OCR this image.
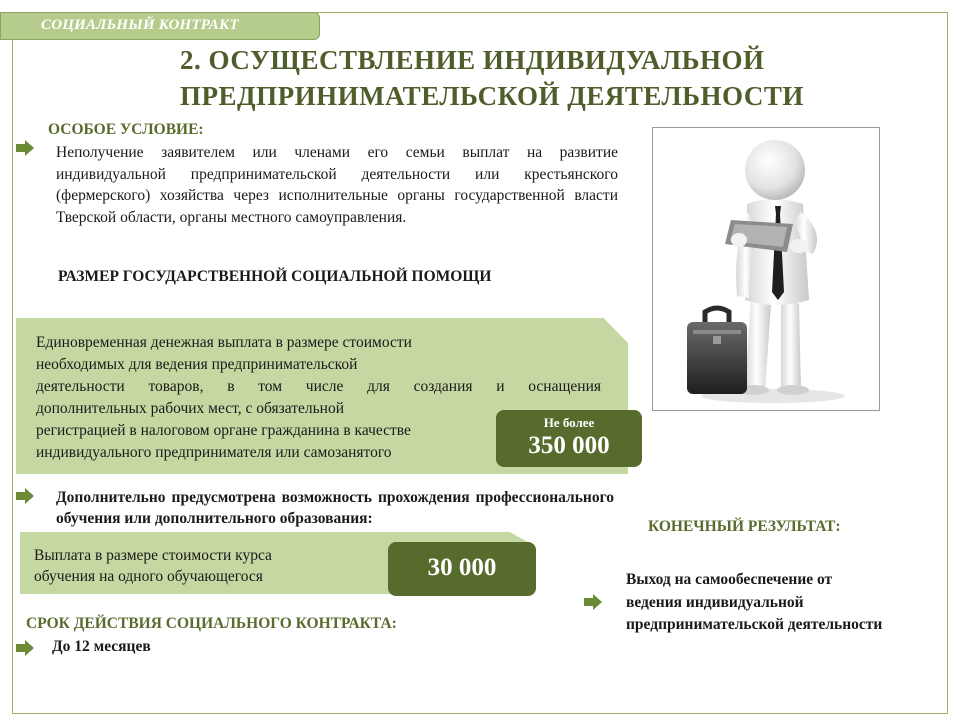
СОЦИАЛЬНЫЙ КОНТРАКТ
2. ОСУЩЕСТВЛЕНИЕ ИНДИВИДУАЛЬНОЙ
ПРЕДПРИНИМАТЕЛЬСКОЙ ДЕЯТЕЛЬНОСТИ
ОСОБОЕ УСЛОВИЕ:
Неполучение заявителем или членами его семьи выплат на развитие индивидуальной предпринимательской деятельности или крестьянского (фермерского) хозяйства через исполнительные органы государственной власти Тверской области, органы местного самоуправления.
РАЗМЕР ГОСУДАРСТВЕННОЙ СОЦИАЛЬНОЙ ПОМОЩИ
Единовременная денежная выплата в размере стоимости
необходимых для ведения предпринимательской
деятельности товаров, в том числе для создания и оснащения
дополнительных рабочих мест, с обязательной
регистрацией в налоговом органе гражданина в качестве
индивидуального предпринимателя или самозанятого
Не более
350 000
Дополнительно предусмотрена возможность прохождения профессионального обучения или дополнительного образования:
Выплата в размере стоимости курса
обучения на одного обучающегося	30 000
СРОК ДЕЙСТВИЯ СОЦИАЛЬНОГО КОНТРАКТА:
До 12 месяцев
КОНЕЧНЫЙ РЕЗУЛЬТАТ:
Выход на самообеспечение от ведения индивидуальной предпринимательской деятельности
